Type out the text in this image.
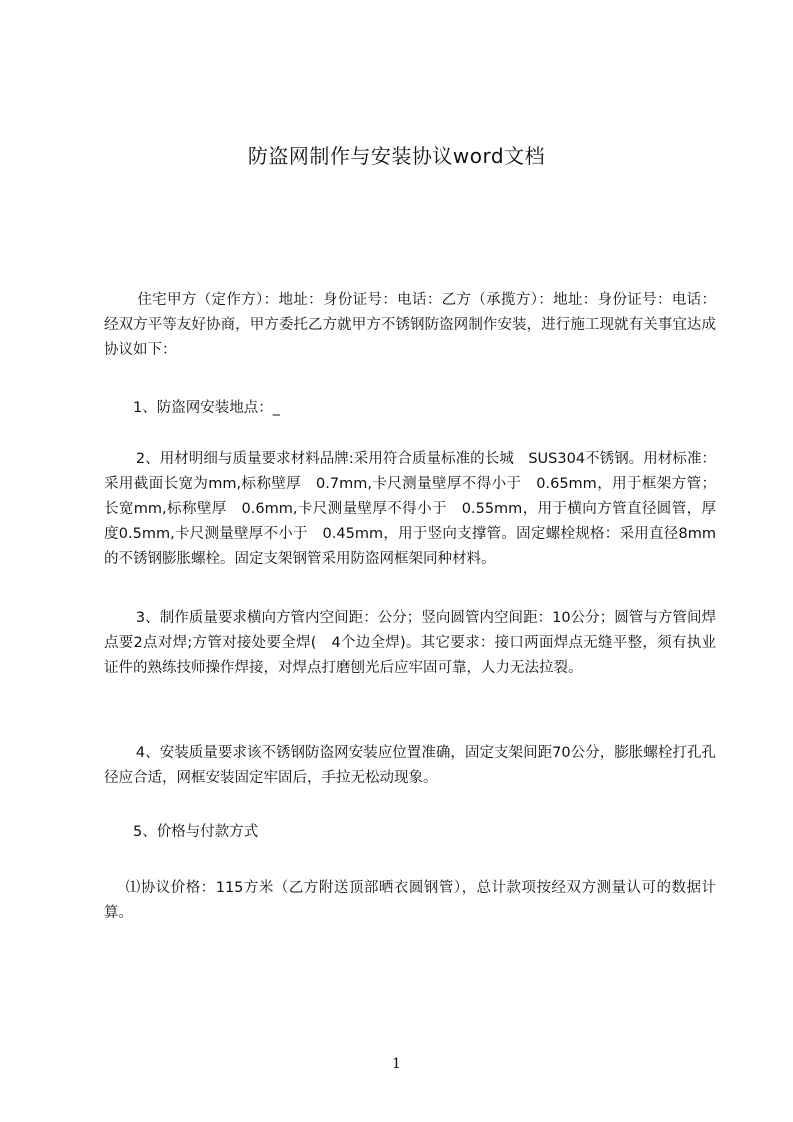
防盗网制作与安装协议word文档
住宅甲方（定作方）：地址：身份证号：电话：乙方（承揽方）：地址：身份证号：电话：经双方平等友好协商，甲方委托乙方就甲方不锈钢防盗网制作安装，进行施工现就有关事宜达成协议如下：
1、防盗网安装地点：_
2、用材明细与质量要求材料品牌:采用符合质量标准的长城　SUS304不锈钢。用材标准：采用截面长宽为mm,标称壁厚　0.7mm,卡尺测量壁厚不得小于　0.65mm，用于框架方管；长宽mm,标称壁厚　0.6mm,卡尺测量壁厚不得小于　0.55mm，用于横向方管直径圆管，厚度0.5mm,卡尺测量壁厚不小于　0.45mm，用于竖向支撑管。固定螺栓规格：采用直径8mm的不锈钢膨胀螺栓。固定支架钢管采用防盗网框架同种材料。
3、制作质量要求横向方管内空间距：公分；竖向圆管内空间距：10公分；圆管与方管间焊点要2点对焊;方管对接处要全焊(　4个边全焊)。其它要求：接口两面焊点无缝平整，须有执业证件的熟练技师操作焊接，对焊点打磨刨光后应牢固可靠，人力无法拉裂。
4、安装质量要求该不锈钢防盗网安装应位置准确，固定支架间距70公分，膨胀螺栓打孔孔径应合适，网框安装固定牢固后，手拉无松动现象。
5、价格与付款方式
⑴协议价格：115方米（乙方附送顶部晒衣圆钢管），总计款项按经双方测量认可的数据计算。
1
